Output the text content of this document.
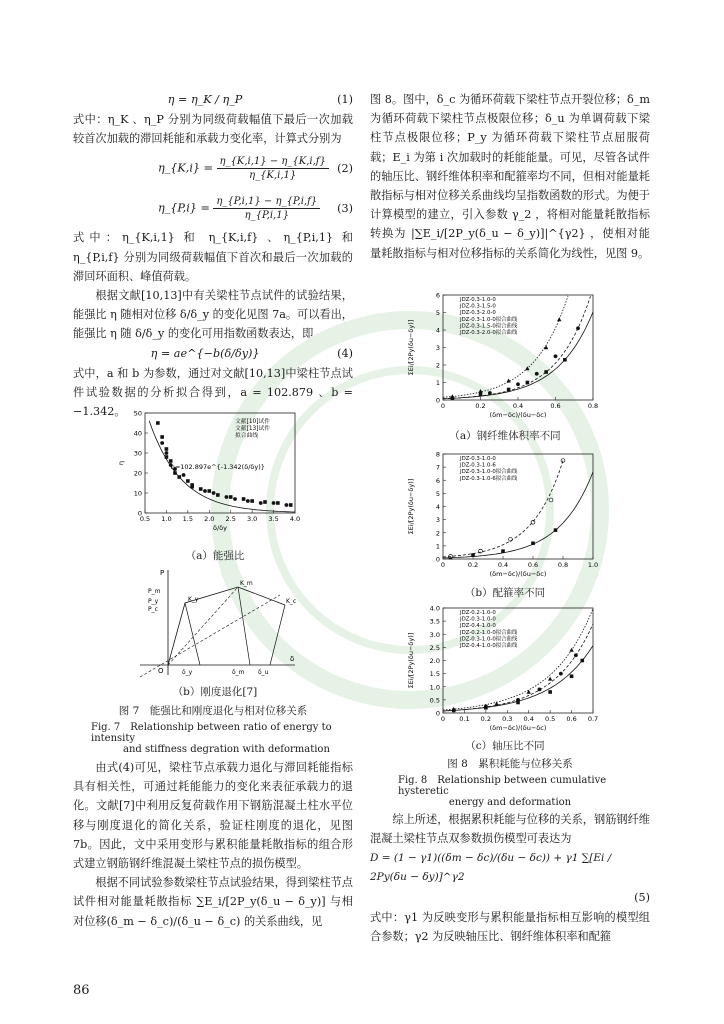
η = η_K / η_P	(1)

式中：η_K 、η_P 分别为同级荷载幅值下最后一次加载较首次加载的滞回耗能和承载力变化率，计算式分别为

η_{K,i} = $\frac{\eta\_\{K,i,1\} - \eta\_\{K,i,f\}}{\eta\_\{K,i,1\}} (2)$
η_{P,i} = $\frac{\eta\_\{P,i,1\} - \eta\_\{P,i,f\}}{\eta\_\{P,i,1\}} (3)$

式中：η_{K,i,1} 和 η_{K,i,f} 、η_{P,i,1} 和 η_{P,i,f} 分别为同级荷载幅值下首次和最后一次加载的滞回环面积、峰值荷载。

根据文献[10,13]中有关梁柱节点试件的试验结果，能强比 η 随相对位移 δ/δ_y 的变化见图 7a。可以看出，能强比 η 随 δ/δ_y 的变化可用指数函数表达，即

η = ae^{−b(δ/δy)}	(4)

式中，a 和 b 为参数，通过对文献[10,13]中梁柱节点试件试验数据的分析拟合得到，a = 102.879 、b = −1.342。

0
10
20
30
40
50
0.5 1.0 1.5 2.0 2.5 3.0 3.5 4.0
η
δ/δy
η=102.897e^{-1.342(δ/δy)}
文献[10]试件
文献[13]试件
拟合曲线
（a）能强比
P
δ
O
P_m
P_y
P_c
K_y
K_m
K_c
δ_y	δ_m δ_u
（b）刚度退化[7]
图 7　能强比和刚度退化与相对位移关系
Fig. 7　Relationship between ratio of energy to intensity
and stiffness degration with deformation

由式(4)可见，梁柱节点承载力退化与滞回耗能指标具有相关性，可通过耗能能力的变化来表征承载力的退化。文献[7]中利用反复荷载作用下钢筋混凝土柱水平位移与刚度退化的简化关系，验证柱刚度的退化，见图 7b。因此，文中采用变形与累积能量耗散指标的组合形式建立钢筋钢纤维混凝土梁柱节点的损伤模型。

根据不同试验参数梁柱节点试验结果，得到梁柱节点试件相对能量耗散指标 ∑E_i/[2P_y(δ_u − δ_y)] 与相对位移(δ_m − δ_c)/(δ_u − δ_c) 的关系曲线，见

图 8。图中，δ_c 为循环荷载下梁柱节点开裂位移；δ_m 为循环荷载下梁柱节点极限位移；δ_u 为单调荷载下梁柱节点极限位移；P_y 为循环荷载下梁柱节点屈服荷载；E_i 为第 i 次加载时的耗能能量。可见，尽管各试件的轴压比、钢纤维体积率和配箍率均不同，但相对能量耗散指标与相对位移关系曲线均呈指数函数的形式。为便于计算模型的建立，引入参数 γ_2 ，将相对能量耗散指标转换为 |∑E_i/[2P_y(δ_u − δ_y)]|^{γ2} ，使相对能量耗散指标与相对位移指标的关系简化为线性，见图 9。

0
1
2
3
4
5
6
0	0.2	0.4	0.6	0.8
ΣEi/[2Py(δu−δy)]
(δm−δc)/(δu−δc)
JDZ-0.3-1.0-0
JDZ-0.3-1.5-0
JDZ-0.3-2.0-0
JDZ-0.3-1.0-0拟合曲线
JDZ-0.3-1.5-0拟合曲线
JDZ-0.3-2.0-0拟合曲线
（a）钢纤维体积率不同
0
1
2
3
4
5
6
7
8
0	0.2	0.4	0.6	0.8	1.0
ΣEi/[2Py(δu−δy)]
(δm−δc)/(δu−δc)
JDZ-0.3-1.0-0
JDZ-0.3-1.0-6
JDZ-0.3-1.0-0拟合曲线
JDZ-0.3-1.0-6拟合曲线
（b）配箍率不同
0
0.5
1.0
1.5
2.0
2.5
3.0
3.5
4.0
0 0.1 0.2 0.3 0.4 0.5 0.6 0.7
ΣEi/[2Py(δu−δy)]
(δm−δc)/(δu−δc)
JDZ-0.2-1.0-0
JDZ-0.3-1.0-0
JDZ-0.4-1.0-0
JDZ-0.2-1.0-0拟合曲线
JDZ-0.3-1.0-0拟合曲线
JDZ-0.4-1.0-0拟合曲线
（c）轴压比不同
图 8　累积耗能与位移关系
Fig. 8　Relationship between cumulative hysteretic
energy and deformation

综上所述，根据累积耗能与位移的关系，钢筋钢纤维混凝土梁柱节点双参数损伤模型可表达为

D = (1 − γ1)((δm − δc)/(δu − δc)) + γ1 ∑[Ei / 2Py(δu − δy)]^γ2
(5)

式中：γ1 为反映变形与累积能量指标相互影响的模型组合参数；γ2 为反映轴压比、钢纤维体积率和配箍

86
